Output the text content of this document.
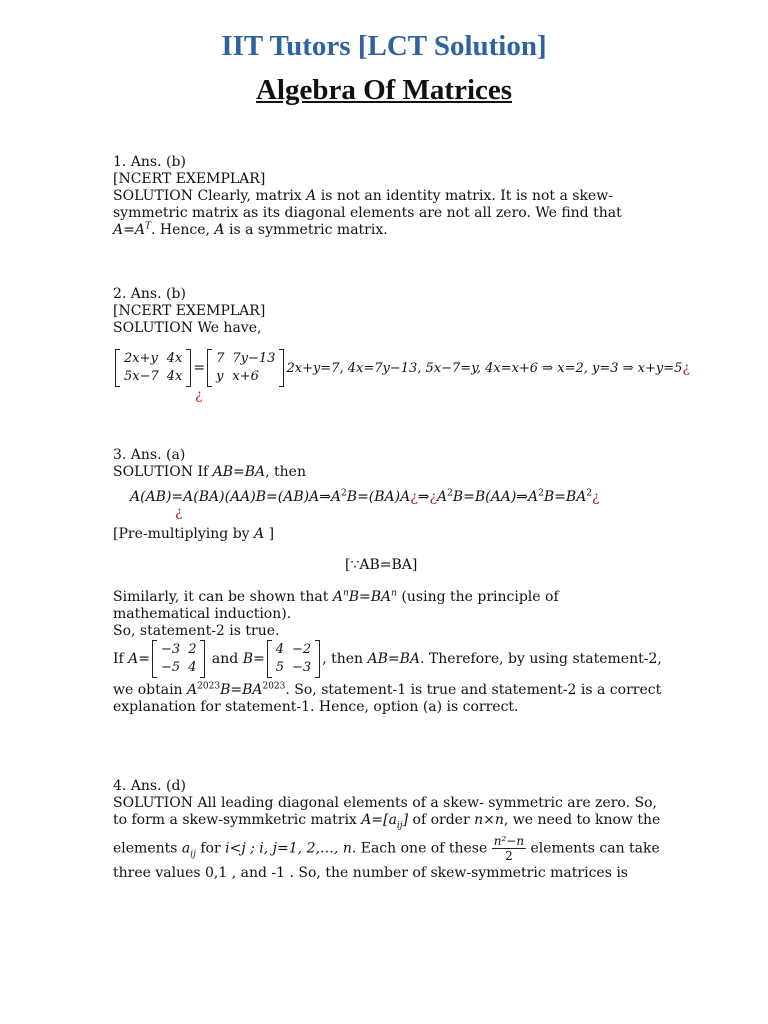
IIT Tutors [LCT Solution]
Algebra Of Matrices
1. Ans. (b)
[NCERT EXEMPLAR]
SOLUTION Clearly, matrix A is not an identity matrix. It is not a skew-
symmetric matrix as its diagonal elements are not all zero. We find that
$A=A^T$. Hence, A is a symmetric matrix.
2. Ans. (b)
[NCERT EXEMPLAR]
SOLUTION We have,
2x+y	4x
5x−7	4x
=
7	7y−13
y	x+6
2x+y=7, 4x=7y−13, 5x−7=y, 4x=x+6 ⇒ x=2, y=3 ⇒ x+y=5¿
¿
3. Ans. (a)
SOLUTION If AB=BA, then
$A(AB)=A(BA)(AA)B=(AB)A\Rightarrow A^2B=(BA)A¿\Rightarrow¿A^2B=B(AA)\Rightarrow A^2B=BA^2¿$
¿
[Pre-multiplying by A ]
[∵AB=BA]
Similarly, it can be shown that $A^nB=BA^n$ (using the principle of
mathematical induction).
So, statement-2 is true.
If A=
−3	2
−5	4
and B=
4	−2
5	−3
, then AB=BA. Therefore, by using statement-2,
we obtain $A^{2023}B=BA^{2023}$. So, statement-1 is true and statement-2 is a correct
explanation for statement-1. Hence, option (a) is correct.
4. Ans. (d)
SOLUTION All leading diagonal elements of a skew- symmetric are zero. So,
to form a skew-symmketric matrix $A=[a_{ij}]$ of order n×n, we need to know the
elements $a_{ij}$ for i<j ; i, j=1, 2,…, n. Each one of these $\frac{\text{n²−n}}{2}$ elements can take
three values 0,1 , and -1 . So, the number of skew-symmetric matrices is
